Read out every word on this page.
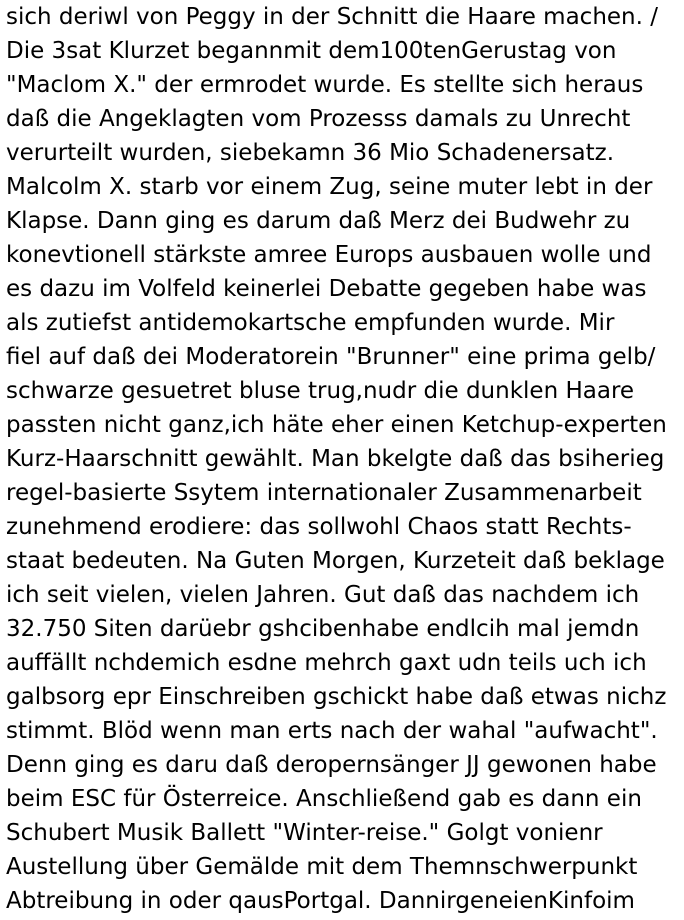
sich deriwl von Peggy in der Schnitt die Haare machen. /

Die 3sat Klurzet begannmit dem100tenGerustag von

"Maclom X." der ermrodet wurde. Es stellte sich heraus

daß die Angeklagten vom Prozesss damals zu Unrecht

verurteilt wurden, siebekamn 36 Mio Schadenersatz.

Malcolm X. starb vor einem Zug, seine muter lebt in der

Klapse. Dann ging es darum daß Merz dei Budwehr zu

konevtionell stärkste amree Europs ausbauen wolle und

es dazu im Volfeld keinerlei Debatte gegeben habe was

als zutiefst antidemokartsche empfunden wurde. Mir

fiel auf daß dei Moderatorein "Brunner" eine prima gelb/

schwarze gesuetret bluse trug,nudr die dunklen Haare

passten nicht ganz,ich häte eher einen Ketchup-experten

Kurz-Haarschnitt gewählt. Man bkelgte daß das bsiherieg

regel-basierte Ssytem internationaler Zusammenarbeit

zunehmend erodiere: das sollwohl Chaos statt Rechts-

staat bedeuten. Na Guten Morgen, Kurzeteit daß beklage

ich seit vielen, vielen Jahren. Gut daß das nachdem ich

32.750 Siten darüebr gshcibenhabe endlcih mal jemdn

auffällt nchdemich esdne mehrch gaxt udn teils uch ich

galbsorg epr Einschreiben gschickt habe daß etwas nichz

stimmt. Blöd wenn man erts nach der wahal "aufwacht".

Denn ging es daru daß deropernsänger JJ gewonen habe

beim ESC für Österreice. Anschließend gab es dann ein

Schubert Musik Ballett "Winter-reise." Golgt vonienr

Austellung über Gemälde mit dem Themnschwerpunkt

Abtreibung in oder qausPortgal. DannirgeneienKinfoim
